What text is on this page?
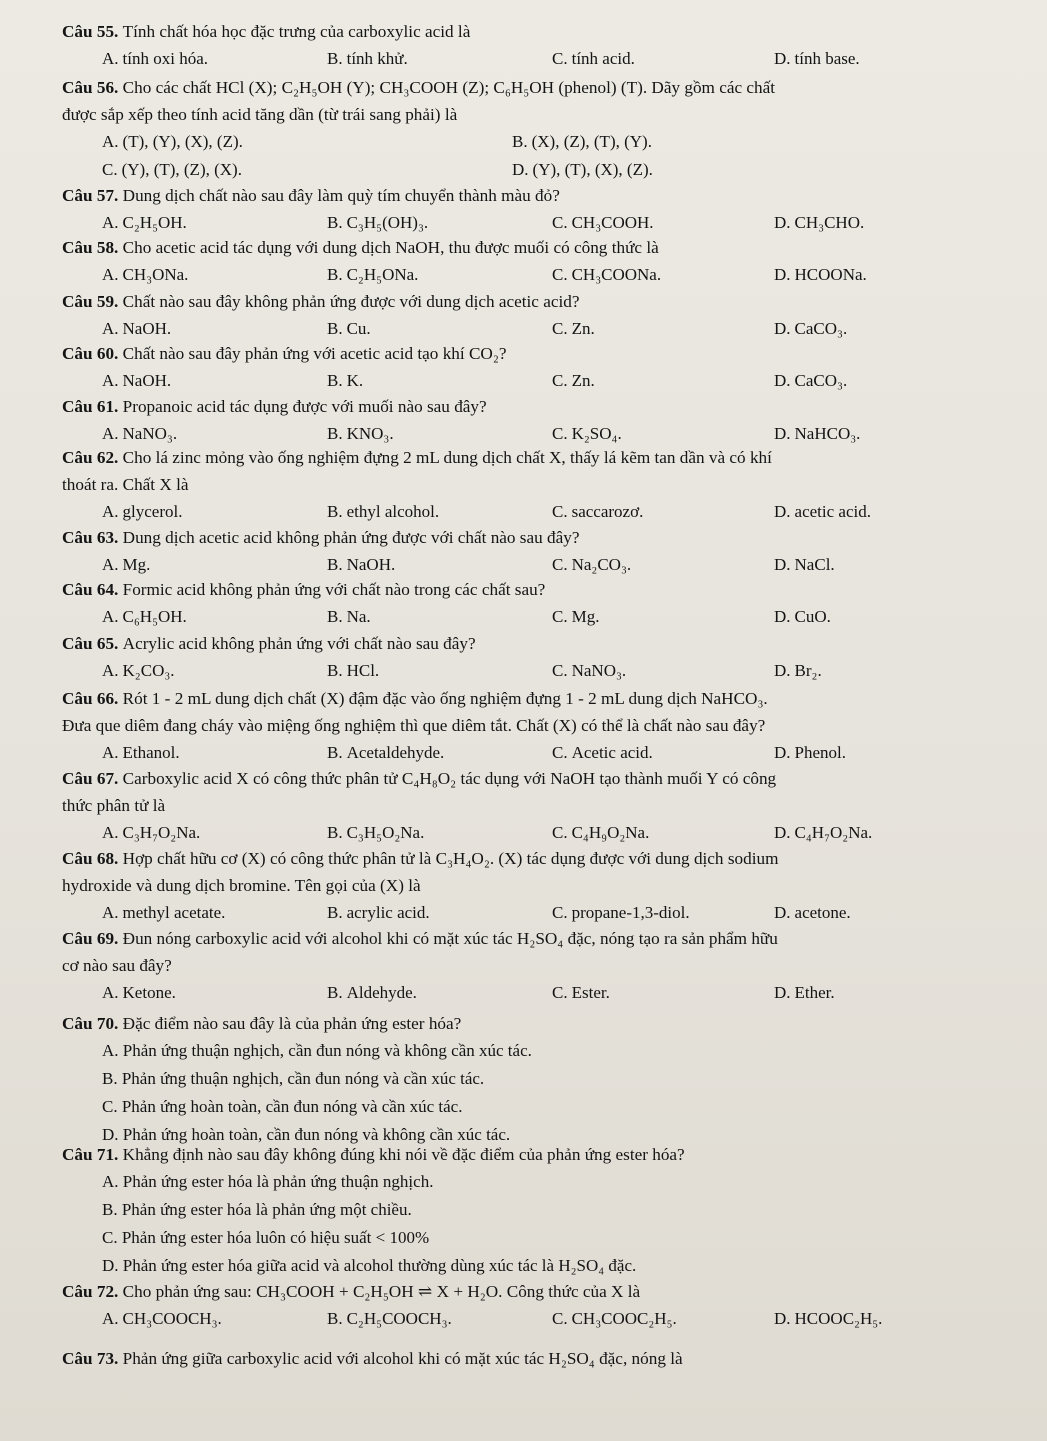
Câu 55. Tính chất hóa học đặc trưng của carboxylic acid là
A. tính oxi hóa.	B. tính khử.	C. tính acid.	D. tính base.
Câu 56. Cho các chất HCl (X); C₂H₅OH (Y); CH₃COOH (Z); C₆H₅OH (phenol) (T). Dãy gồm các chất
được sắp xếp theo tính acid tăng dần (từ trái sang phải) là
A. (T), (Y), (X), (Z).	B. (X), (Z), (T), (Y).
C. (Y), (T), (Z), (X).	D. (Y), (T), (X), (Z).
Câu 57. Dung dịch chất nào sau đây làm quỳ tím chuyển thành màu đỏ?
A. C₂H₅OH.	B. C₃H₅(OH)₃.	C. CH₃COOH.	D. CH₃CHO.
Câu 58. Cho acetic acid tác dụng với dung dịch NaOH, thu được muối có công thức là
A. CH₃ONa.	B. C₂H₅ONa.	C. CH₃COONa.	D. HCOONa.
Câu 59. Chất nào sau đây không phản ứng được với dung dịch acetic acid?
A. NaOH.	B. Cu.	C. Zn.	D. CaCO₃.
Câu 60. Chất nào sau đây phản ứng với acetic acid tạo khí CO₂?
A. NaOH.	B. K.	C. Zn.	D. CaCO₃.
Câu 61. Propanoic acid tác dụng được với muối nào sau đây?
A. NaNO₃.	B. KNO₃.	C. K₂SO₄.	D. NaHCO₃.
Câu 62. Cho lá zinc mỏng vào ống nghiệm đựng 2 mL dung dịch chất X, thấy lá kẽm tan dần và có khí
thoát ra. Chất X là
A. glycerol.	B. ethyl alcohol.	C. saccarozơ.	D. acetic acid.
Câu 63. Dung dịch acetic acid không phản ứng được với chất nào sau đây?
A. Mg.	B. NaOH.	C. Na₂CO₃.	D. NaCl.
Câu 64. Formic acid không phản ứng với chất nào trong các chất sau?
A. C₆H₅OH.	B. Na.	C. Mg.	D. CuO.
Câu 65. Acrylic acid không phản ứng với chất nào sau đây?
A. K₂CO₃.	B. HCl.	C. NaNO₃.	D. Br₂.
Câu 66. Rót 1 - 2 mL dung dịch chất (X) đậm đặc vào ống nghiệm đựng 1 - 2 mL dung dịch NaHCO₃.
Đưa que diêm đang cháy vào miệng ống nghiệm thì que diêm tắt. Chất (X) có thể là chất nào sau đây?
A. Ethanol.	B. Acetaldehyde.	C. Acetic acid.	D. Phenol.
Câu 67. Carboxylic acid X có công thức phân tử C₄H₈O₂ tác dụng với NaOH tạo thành muối Y có công
thức phân tử là
A. C₃H₇O₂Na.	B. C₃H₅O₂Na.	C. C₄H₉O₂Na.	D. C₄H₇O₂Na.
Câu 68. Hợp chất hữu cơ (X) có công thức phân tử là C₃H₄O₂. (X) tác dụng được với dung dịch sodium
hydroxide và dung dịch bromine. Tên gọi của (X) là
A. methyl acetate.	B. acrylic acid.	C. propane-1,3-diol.	D. acetone.
Câu 69. Đun nóng carboxylic acid với alcohol khi có mặt xúc tác H₂SO₄ đặc, nóng tạo ra sản phẩm hữu
cơ nào sau đây?
A. Ketone.	B. Aldehyde.	C. Ester.	D. Ether.
Câu 70. Đặc điểm nào sau đây là của phản ứng ester hóa?
A. Phản ứng thuận nghịch, cần đun nóng và không cần xúc tác.
B. Phản ứng thuận nghịch, cần đun nóng và cần xúc tác.
C. Phản ứng hoàn toàn, cần đun nóng và cần xúc tác.
D. Phản ứng hoàn toàn, cần đun nóng và không cần xúc tác.
Câu 71. Khẳng định nào sau đây không đúng khi nói về đặc điểm của phản ứng ester hóa?
A. Phản ứng ester hóa là phản ứng thuận nghịch.
B. Phản ứng ester hóa là phản ứng một chiều.
C. Phản ứng ester hóa luôn có hiệu suất < 100%
D. Phản ứng ester hóa giữa acid và alcohol thường dùng xúc tác là H₂SO₄ đặc.
Câu 72. Cho phản ứng sau: CH₃COOH + C₂H₅OH ⇌ X + H₂O. Công thức của X là
A. CH₃COOCH₃.	B. C₂H₅COOCH₃.	C. CH₃COOC₂H₅.	D. HCOOC₂H₅.
Câu 73. Phản ứng giữa carboxylic acid với alcohol khi có mặt xúc tác H₂SO₄ đặc, nóng là
